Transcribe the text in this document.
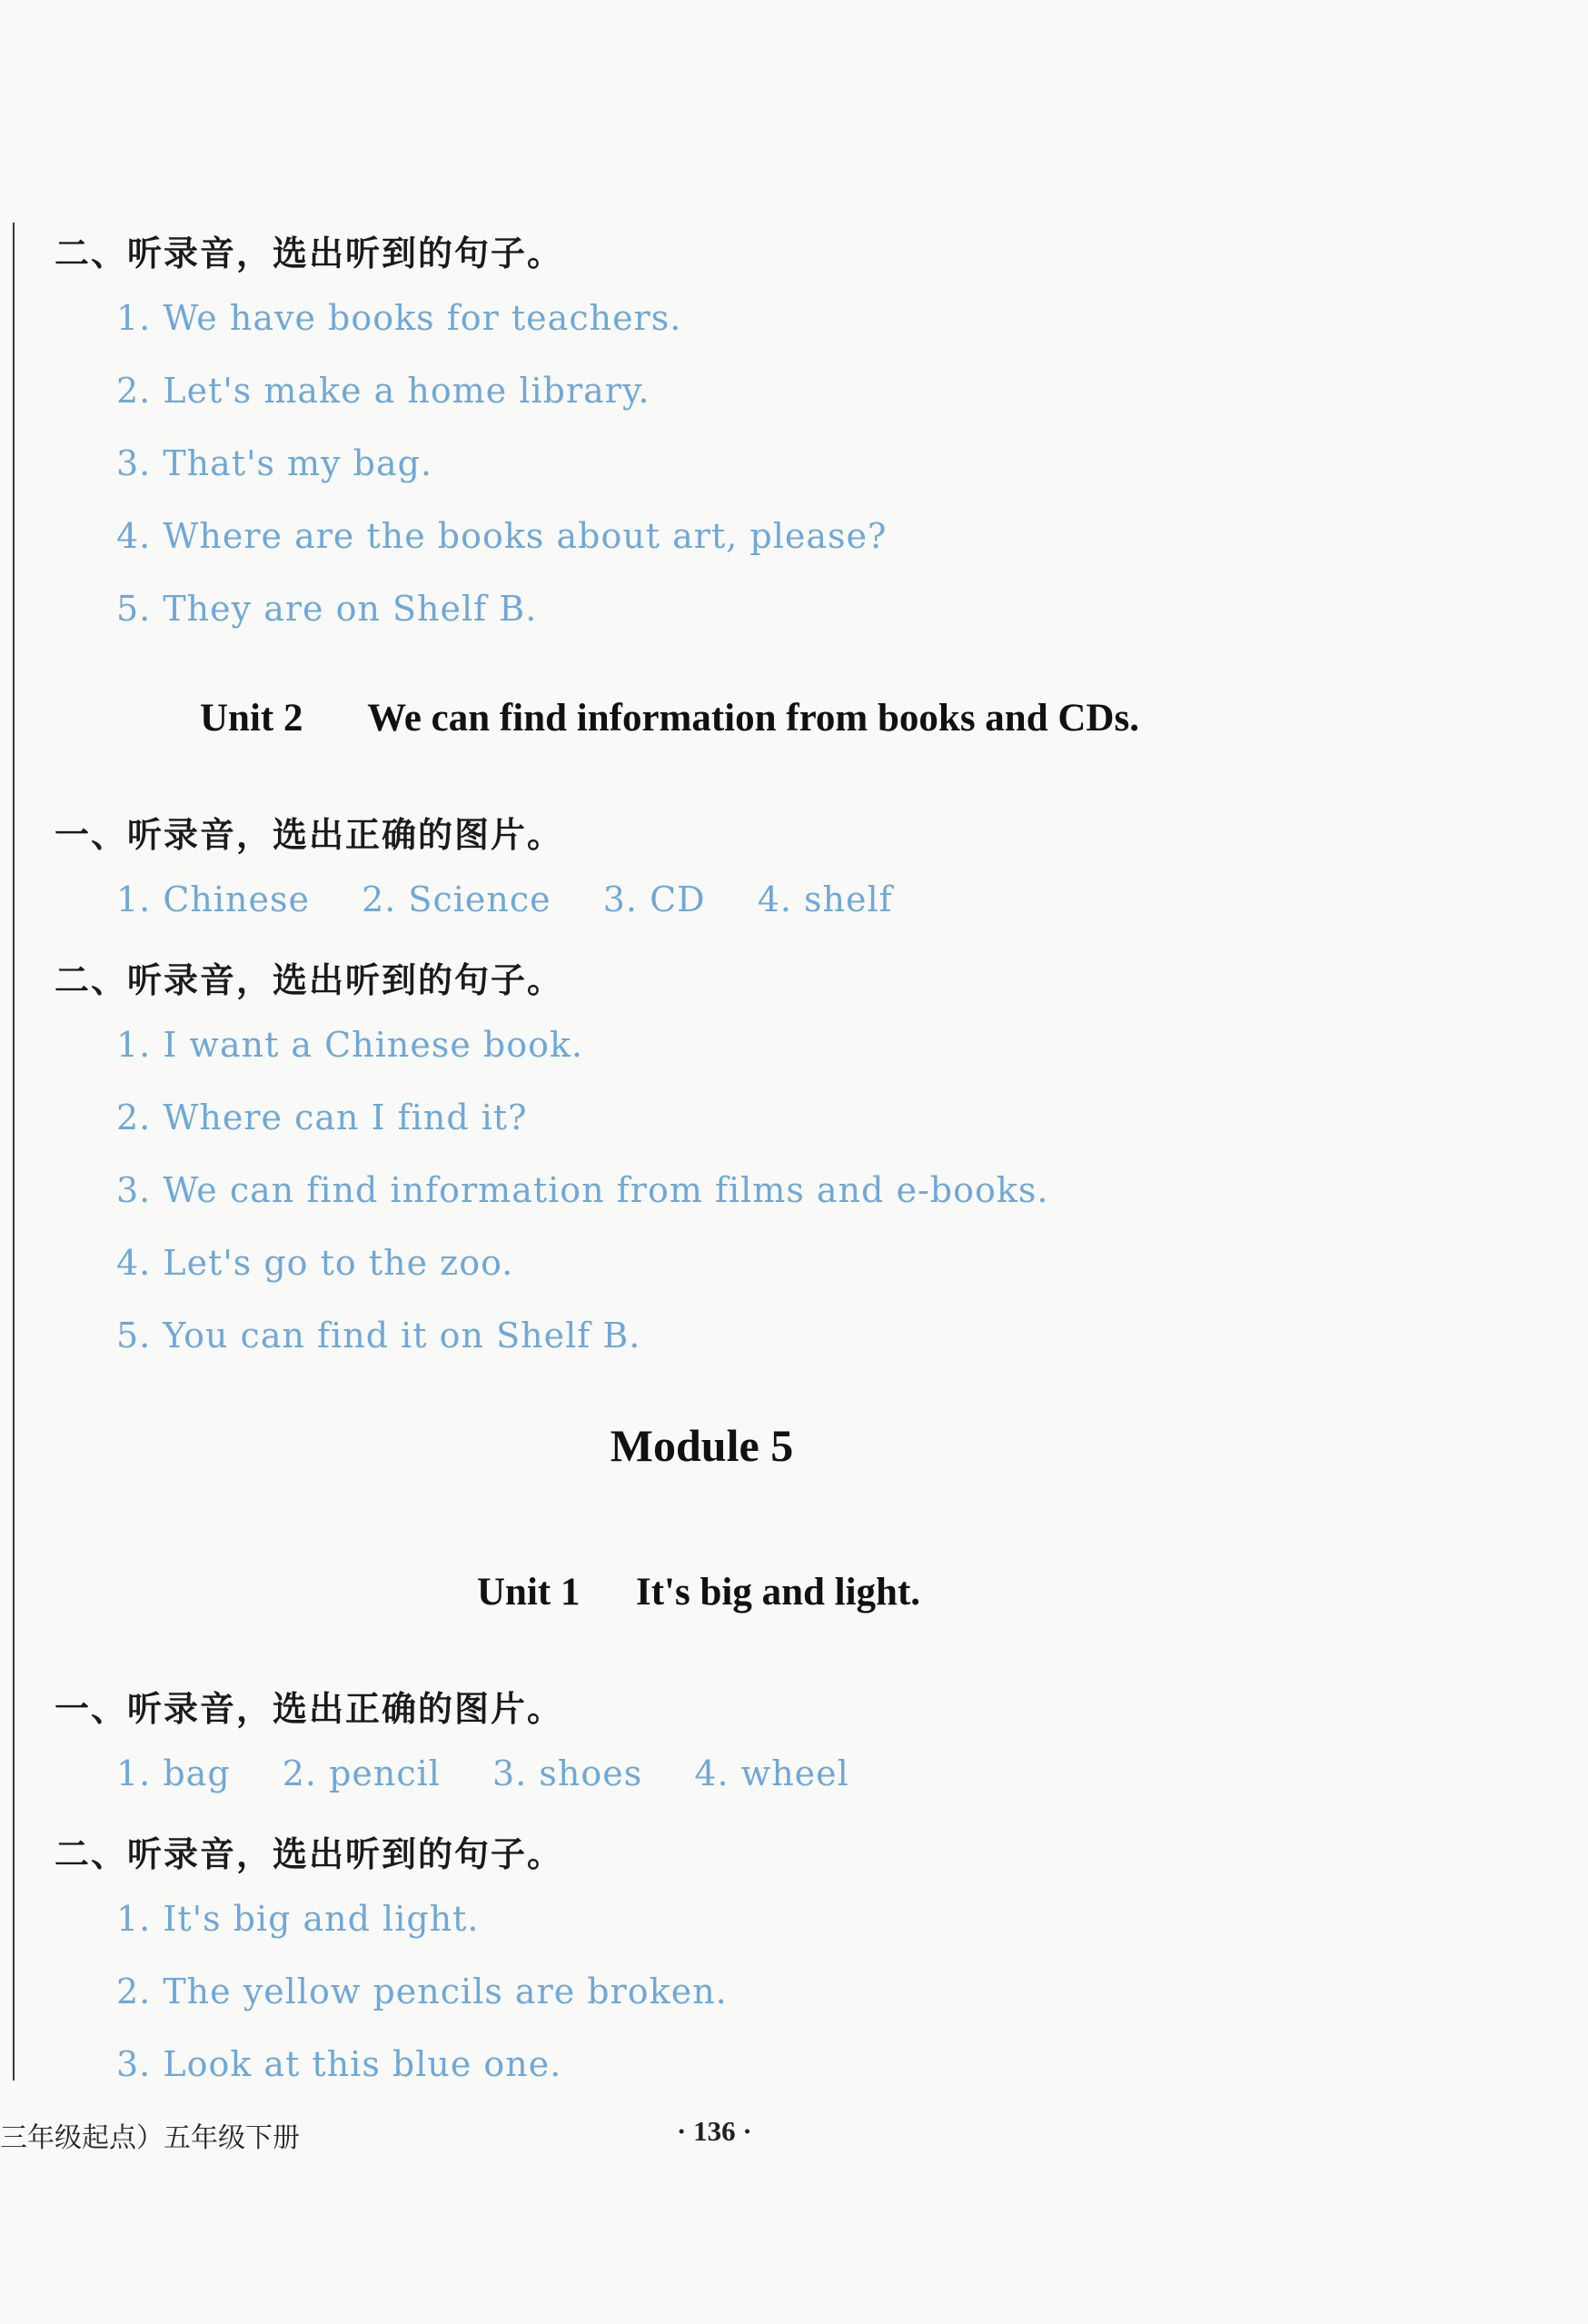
二、听录音，选出听到的句子。
1. We have books for teachers.
2. Let's make a home library.
3. That's my bag.
4. Where are the books about art, please?
5. They are on Shelf B.
Unit 2 We can find information from books and CDs.
一、听录音，选出正确的图片。
1. Chinese 2. Science 3. CD 4. shelf
二、听录音，选出听到的句子。
1. I want a Chinese book.
2. Where can I find it?
3. We can find information from films and e-books.
4. Let's go to the zoo.
5. You can find it on Shelf B.
Module 5
Unit 1 It's big and light.
一、听录音，选出正确的图片。
1. bag 2. pencil 3. shoes 4. wheel
二、听录音，选出听到的句子。
1. It's big and light.
2. The yellow pencils are broken.
3. Look at this blue one.
三年级起点）五年级下册	· 136 ·
